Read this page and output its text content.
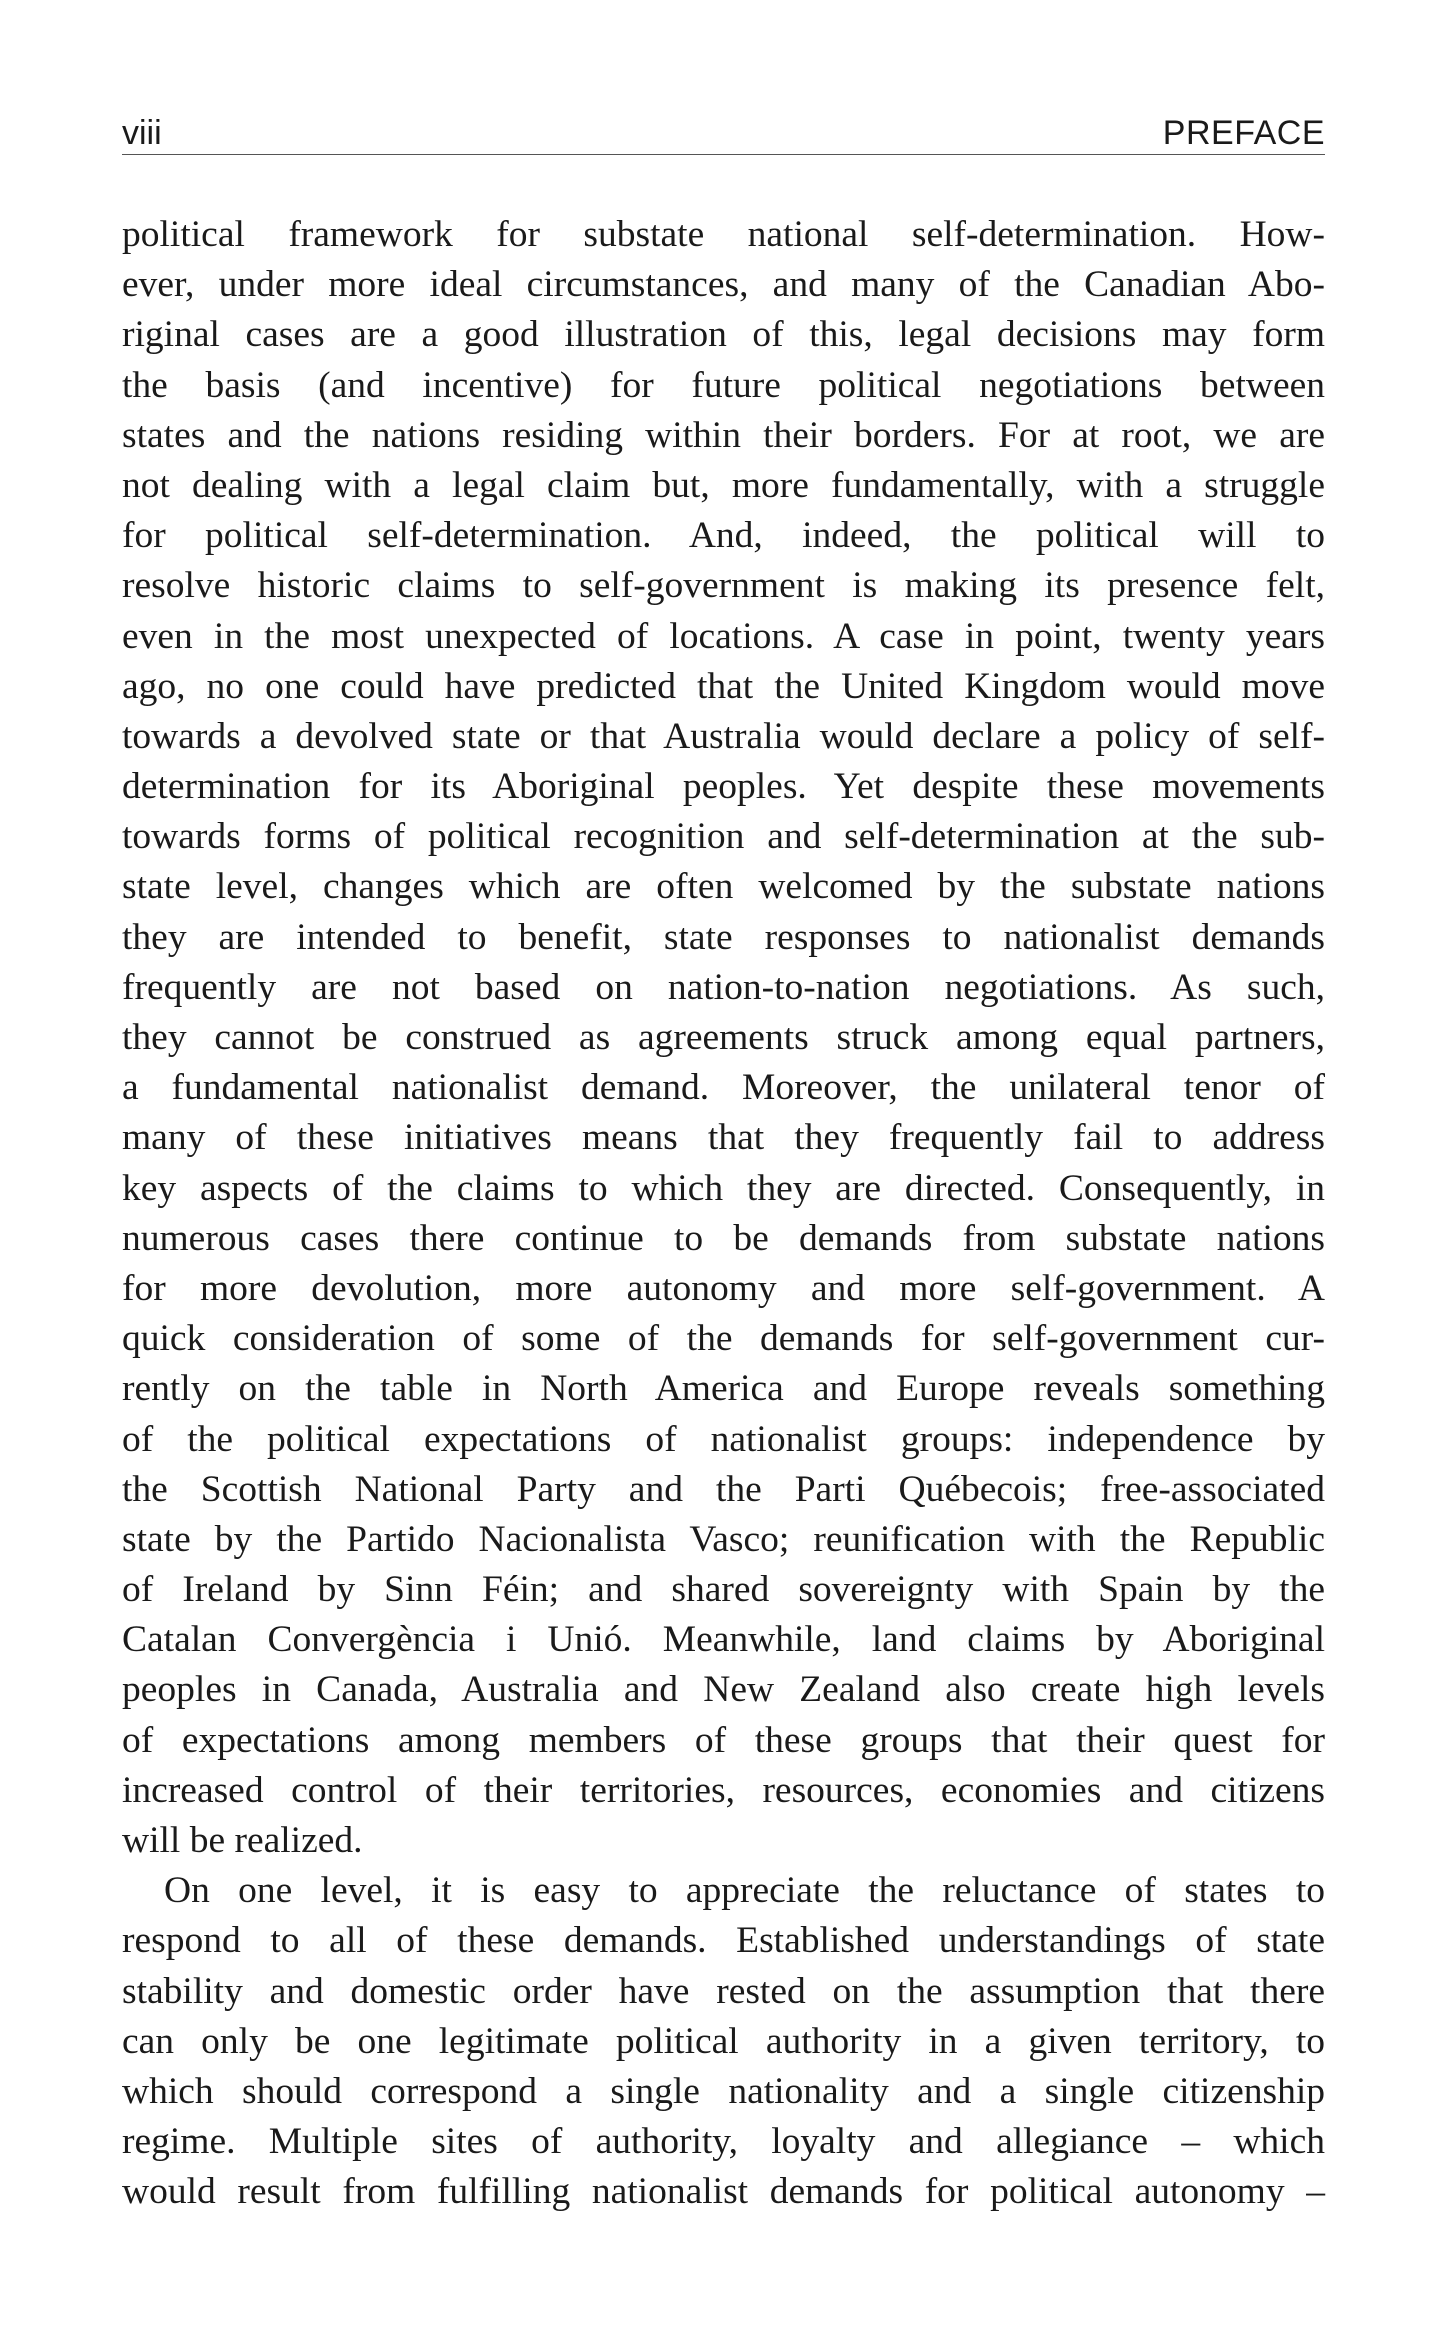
viii	PREFACE
political framework for substate national self-determination. How-
ever, under more ideal circumstances, and many of the Canadian Abo-
riginal cases are a good illustration of this, legal decisions may form
the basis (and incentive) for future political negotiations between
states and the nations residing within their borders. For at root, we are
not dealing with a legal claim but, more fundamentally, with a struggle
for political self-determination. And, indeed, the political will to
resolve historic claims to self-government is making its presence felt,
even in the most unexpected of locations. A case in point, twenty years
ago, no one could have predicted that the United Kingdom would move
towards a devolved state or that Australia would declare a policy of self-
determination for its Aboriginal peoples. Yet despite these movements
towards forms of political recognition and self-determination at the sub-
state level, changes which are often welcomed by the substate nations
they are intended to benefit, state responses to nationalist demands
frequently are not based on nation-to-nation negotiations. As such,
they cannot be construed as agreements struck among equal partners,
a fundamental nationalist demand. Moreover, the unilateral tenor of
many of these initiatives means that they frequently fail to address
key aspects of the claims to which they are directed. Consequently, in
numerous cases there continue to be demands from substate nations
for more devolution, more autonomy and more self-government. A
quick consideration of some of the demands for self-government cur-
rently on the table in North America and Europe reveals something
of the political expectations of nationalist groups: independence by
the Scottish National Party and the Parti Québecois; free-associated
state by the Partido Nacionalista Vasco; reunification with the Republic
of Ireland by Sinn Féin; and shared sovereignty with Spain by the
Catalan Convergència i Unió. Meanwhile, land claims by Aboriginal
peoples in Canada, Australia and New Zealand also create high levels
of expectations among members of these groups that their quest for
increased control of their territories, resources, economies and citizens
will be realized.
On one level, it is easy to appreciate the reluctance of states to
respond to all of these demands. Established understandings of state
stability and domestic order have rested on the assumption that there
can only be one legitimate political authority in a given territory, to
which should correspond a single nationality and a single citizenship
regime. Multiple sites of authority, loyalty and allegiance – which
would result from fulfilling nationalist demands for political autonomy –
